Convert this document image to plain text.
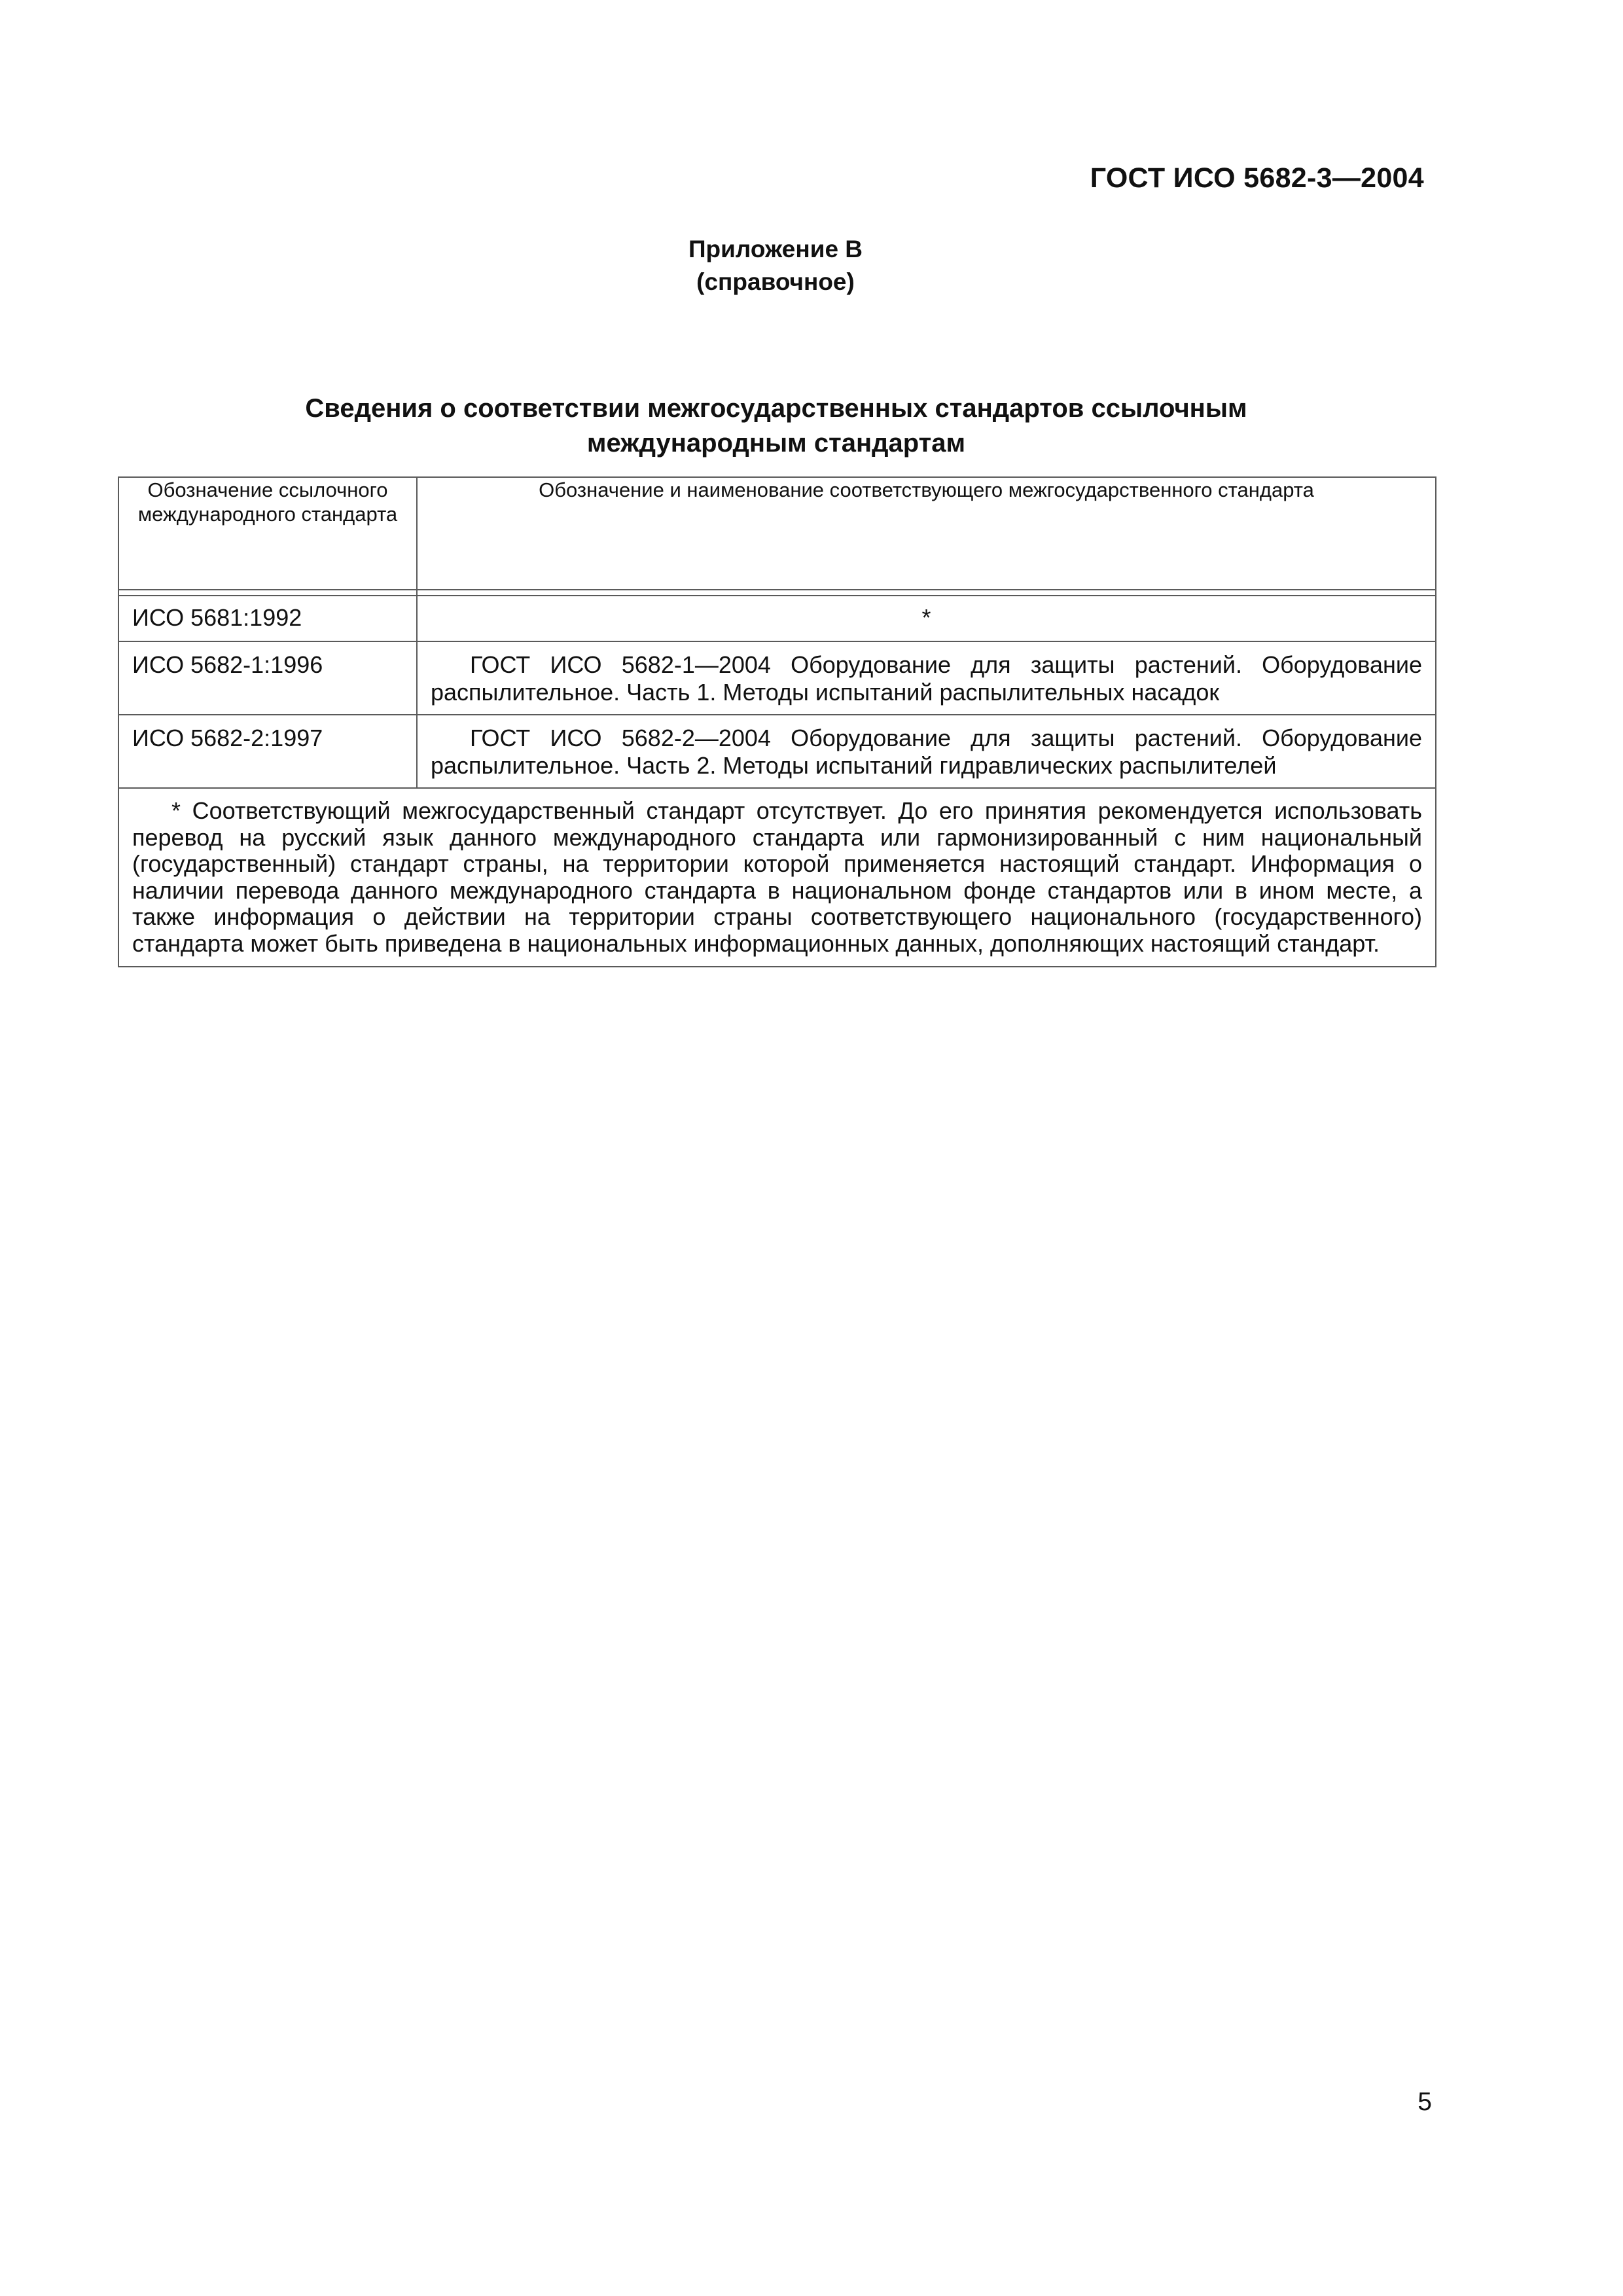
ГОСТ ИСО 5682-3—2004
Приложение В
(справочное)
Сведения о соответствии межгосударственных стандартов ссылочным
международным стандартам
Обозначение ссылочного международного стандарта	Обозначение и наименование соответствующего межгосударственного стандарта

ИСО 5681:1992	*
ИСО 5682-1:1996	ГОСТ ИСО 5682-1—2004 Оборудование для защиты растений. Оборудование распылительное. Часть 1. Методы испытаний распылительных насадок
ИСО 5682-2:1997	ГОСТ ИСО 5682-2—2004 Оборудование для защиты растений. Оборудование распылительное. Часть 2. Методы испытаний гидравлических распылителей
* Соответствующий межгосударственный стандарт отсутствует. До его принятия рекомендуется использовать перевод на русский язык данного международного стандарта или гармонизированный с ним национальный (государственный) стандарт страны, на территории которой применяется настоящий стандарт. Информация о наличии перевода данного международного стандарта в национальном фонде стандартов или в ином месте, а также информация о действии на территории страны соответствующего национального (государственного) стандарта может быть приведена в национальных информационных данных, дополняющих настоящий стандарт.	
5
